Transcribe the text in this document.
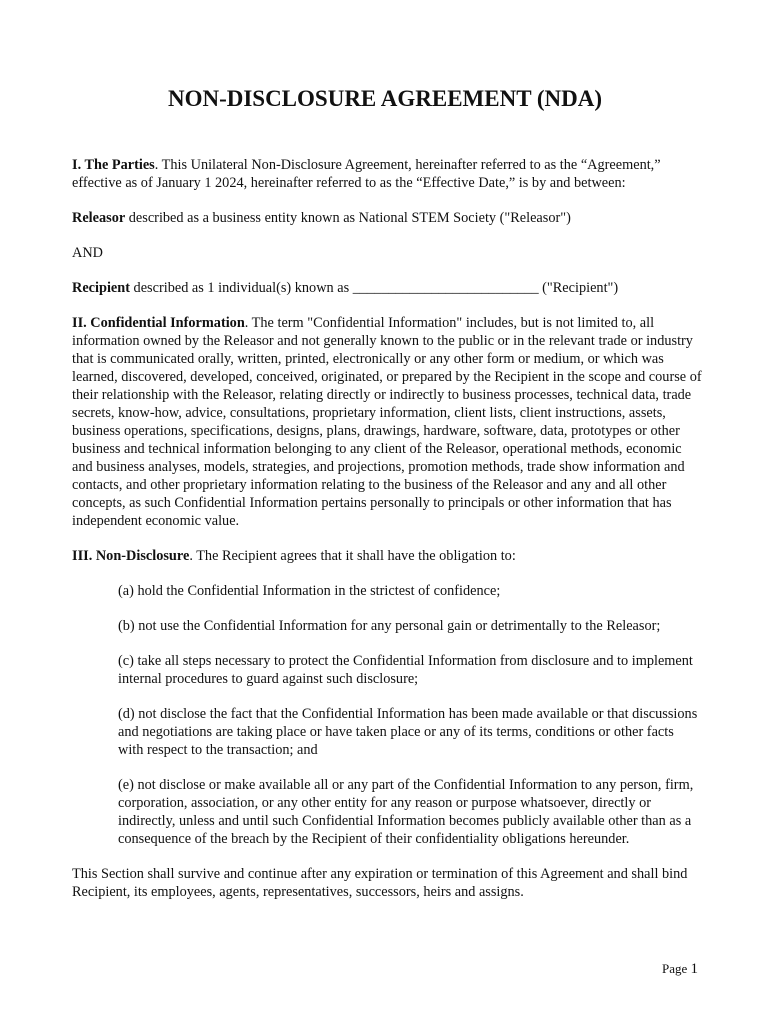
NON-DISCLOSURE AGREEMENT (NDA)

I. The Parties. This Unilateral Non-Disclosure Agreement, hereinafter referred to as the “Agreement,” effective as of January 1 2024, hereinafter referred to as the “Effective Date,” is by and between:

Releasor described as a business entity known as National STEM Society ("Releasor")

AND

Recipient described as 1 individual(s) known as __________________________ ("Recipient")

II. Confidential Information. The term "Confidential Information" includes, but is not limited to, all information owned by the Releasor and not generally known to the public or in the relevant trade or industry that is communicated orally, written, printed, electronically or any other form or medium, or which was learned, discovered, developed, conceived, originated, or prepared by the Recipient in the scope and course of their relationship with the Releasor, relating directly or indirectly to business processes, technical data, trade secrets, know-how, advice, consultations, proprietary information, client lists, client instructions, assets, business operations, specifications, designs, plans, drawings, hardware, software, data, prototypes or other business and technical information belonging to any client of the Releasor, operational methods, economic and business analyses, models, strategies, and projections, promotion methods, trade show information and contacts, and other proprietary information relating to the business of the Releasor and any and all other concepts, as such Confidential Information pertains personally to principals or other information that has independent economic value.

III. Non-Disclosure. The Recipient agrees that it shall have the obligation to:

(a) hold the Confidential Information in the strictest of confidence;

(b) not use the Confidential Information for any personal gain or detrimentally to the Releasor;

(c) take all steps necessary to protect the Confidential Information from disclosure and to implement internal procedures to guard against such disclosure;

(d) not disclose the fact that the Confidential Information has been made available or that discussions and negotiations are taking place or have taken place or any of its terms, conditions or other facts with respect to the transaction; and

(e) not disclose or make available all or any part of the Confidential Information to any person, firm, corporation, association, or any other entity for any reason or purpose whatsoever, directly or indirectly, unless and until such Confidential Information becomes publicly available other than as a consequence of the breach by the Recipient of their confidentiality obligations hereunder.

This Section shall survive and continue after any expiration or termination of this Agreement and shall bind Recipient, its employees, agents, representatives, successors, heirs and assigns.

Page 1
